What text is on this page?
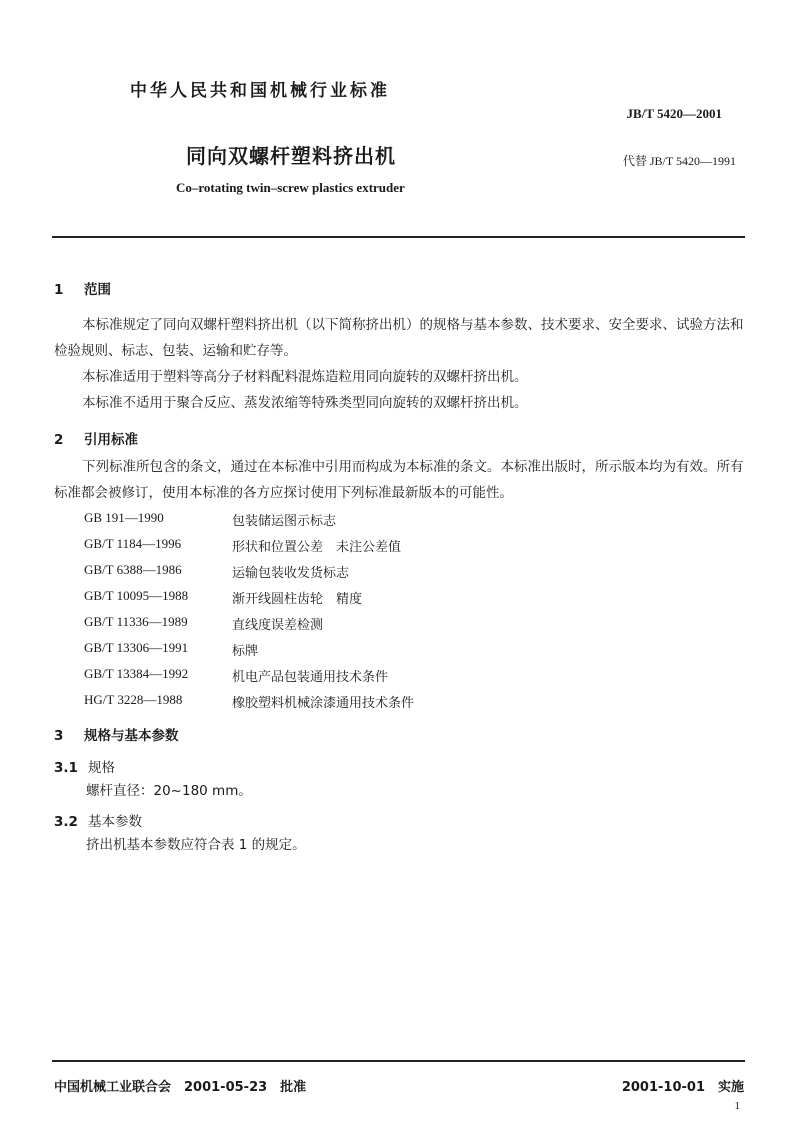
中华人民共和国机械行业标准
JB/T 5420—2001
同向双螺杆塑料挤出机	代替 JB/T 5420—1991
Co–rotating twin–screw plastics extruder
1 范围
本标准规定了同向双螺杆塑料挤出机（以下简称挤出机）的规格与基本参数、技术要求、安全要求、试验方法和检验规则、标志、包装、运输和贮存等。
本标准适用于塑料等高分子材料配料混炼造粒用同向旋转的双螺杆挤出机。
本标准不适用于聚合反应、蒸发浓缩等特殊类型同向旋转的双螺杆挤出机。
2 引用标准
下列标准所包含的条文，通过在本标准中引用而构成为本标准的条文。本标准出版时，所示版本均为有效。所有标准都会被修订，使用本标准的各方应探讨使用下列标准最新版本的可能性。
GB 191—1990	包装储运图示标志
GB/T 1184—1996	形状和位置公差　未注公差值
GB/T 6388—1986	运输包装收发货标志
GB/T 10095—1988	渐开线圆柱齿轮　精度
GB/T 11336—1989	直线度误差检测
GB/T 13306—1991	标牌
GB/T 13384—1992	机电产品包装通用技术条件
HG/T 3228—1988	橡胶塑料机械涂漆通用技术条件
3 规格与基本参数
3.1 规格
螺杆直径：20~180 mm。
3.2 基本参数
挤出机基本参数应符合表 1 的规定。
中国机械工业联合会　2001-05-23　批准	2001-10-01　实施
1
